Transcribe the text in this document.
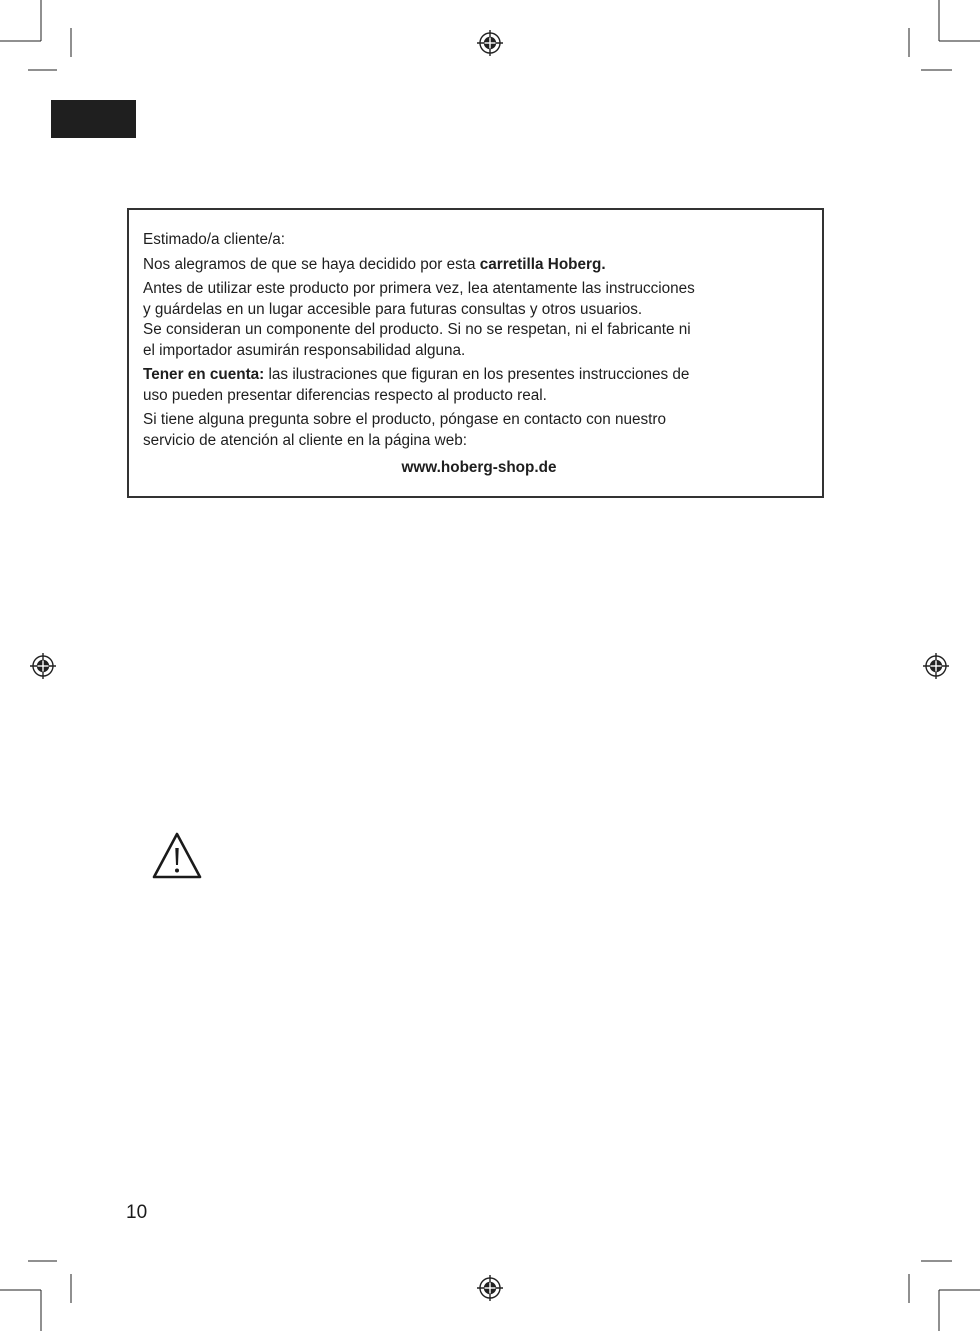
Estimado/a cliente/a:

Nos alegramos de que se haya decidido por esta carretilla Hoberg.

Antes de utilizar este producto por primera vez, lea atentamente las instrucciones

y guárdelas en un lugar accesible para futuras consultas y otros usuarios.

Se consideran un componente del producto. Si no se respetan, ni el fabricante ni

el importador asumirán responsabilidad alguna.

Tener en cuenta: las ilustraciones que figuran en los presentes instrucciones de

uso pueden presentar diferencias respecto al producto real.

Si tiene alguna pregunta sobre el producto, póngase en contacto con nuestro

servicio de atención al cliente en la página web:

www.hoberg-shop.de

10
